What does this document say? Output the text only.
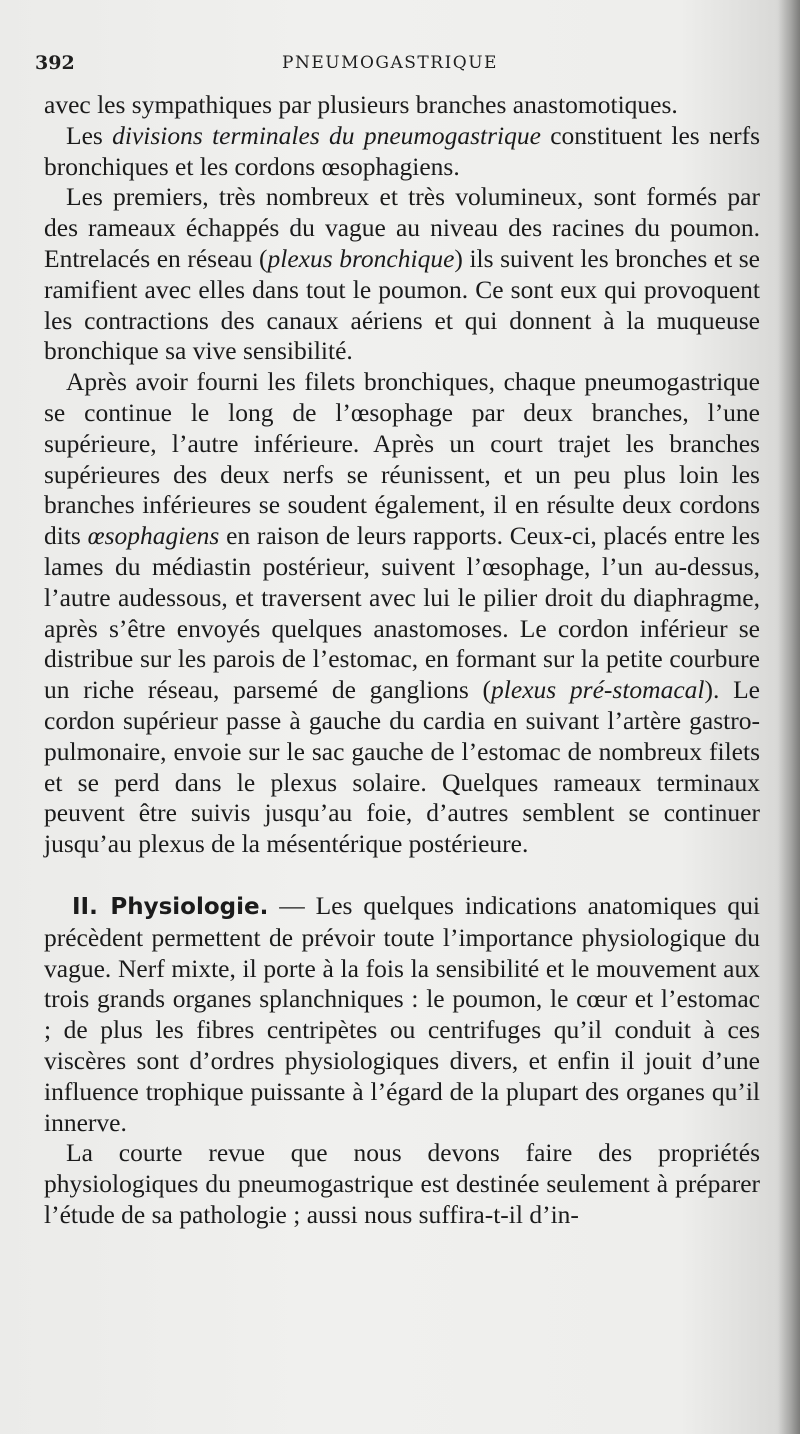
392	PNEUMOGASTRIQUE

avec les sympathiques par plusieurs branches anastomotiques.

Les divisions terminales du pneumogastrique constituent les nerfs bronchiques et les cordons œsophagiens.

Les premiers, très nombreux et très volumineux, sont formés par des rameaux échappés du vague au niveau des racines du poumon. Entrelacés en réseau (plexus bronchique) ils suivent les bronches et se ramifient avec elles dans tout le poumon. Ce sont eux qui provoquent les contractions des canaux aériens et qui donnent à la muqueuse bronchique sa vive sensibilité.

Après avoir fourni les filets bronchiques, chaque pneumogastrique se continue le long de l’œsophage par deux branches, l’une supérieure, l’autre inférieure. Après un court trajet les branches supérieures des deux nerfs se réunissent, et un peu plus loin les branches inférieures se soudent également, il en résulte deux cordons dits œsophagiens en raison de leurs rapports. Ceux-ci, placés entre les lames du médiastin postérieur, suivent l’œsophage, l’un au-dessus, l’autre audessous, et traversent avec lui le pilier droit du diaphragme, après s’être envoyés quelques anastomoses. Le cordon inférieur se distribue sur les parois de l’estomac, en formant sur la petite courbure un riche réseau, parsemé de ganglions (plexus pré-stomacal). Le cordon supérieur passe à gauche du cardia en suivant l’artère gastro-pulmonaire, envoie sur le sac gauche de l’estomac de nombreux filets et se perd dans le plexus solaire. Quelques rameaux terminaux peuvent être suivis jusqu’au foie, d’autres semblent se continuer jusqu’au plexus de la mésentérique postérieure.

II. Physiologie. — Les quelques indications anatomiques qui précèdent permettent de prévoir toute l’importance physiologique du vague. Nerf mixte, il porte à la fois la sensibilité et le mouvement aux trois grands organes splanchniques : le poumon, le cœur et l’estomac ; de plus les fibres centripètes ou centrifuges qu’il conduit à ces viscères sont d’ordres physiologiques divers, et enfin il jouit d’une influence trophique puissante à l’égard de la plupart des organes qu’il innerve.

La courte revue que nous devons faire des propriétés physiologiques du pneumogastrique est destinée seulement à préparer l’étude de sa pathologie ; aussi nous suffira-t-il d’in-
